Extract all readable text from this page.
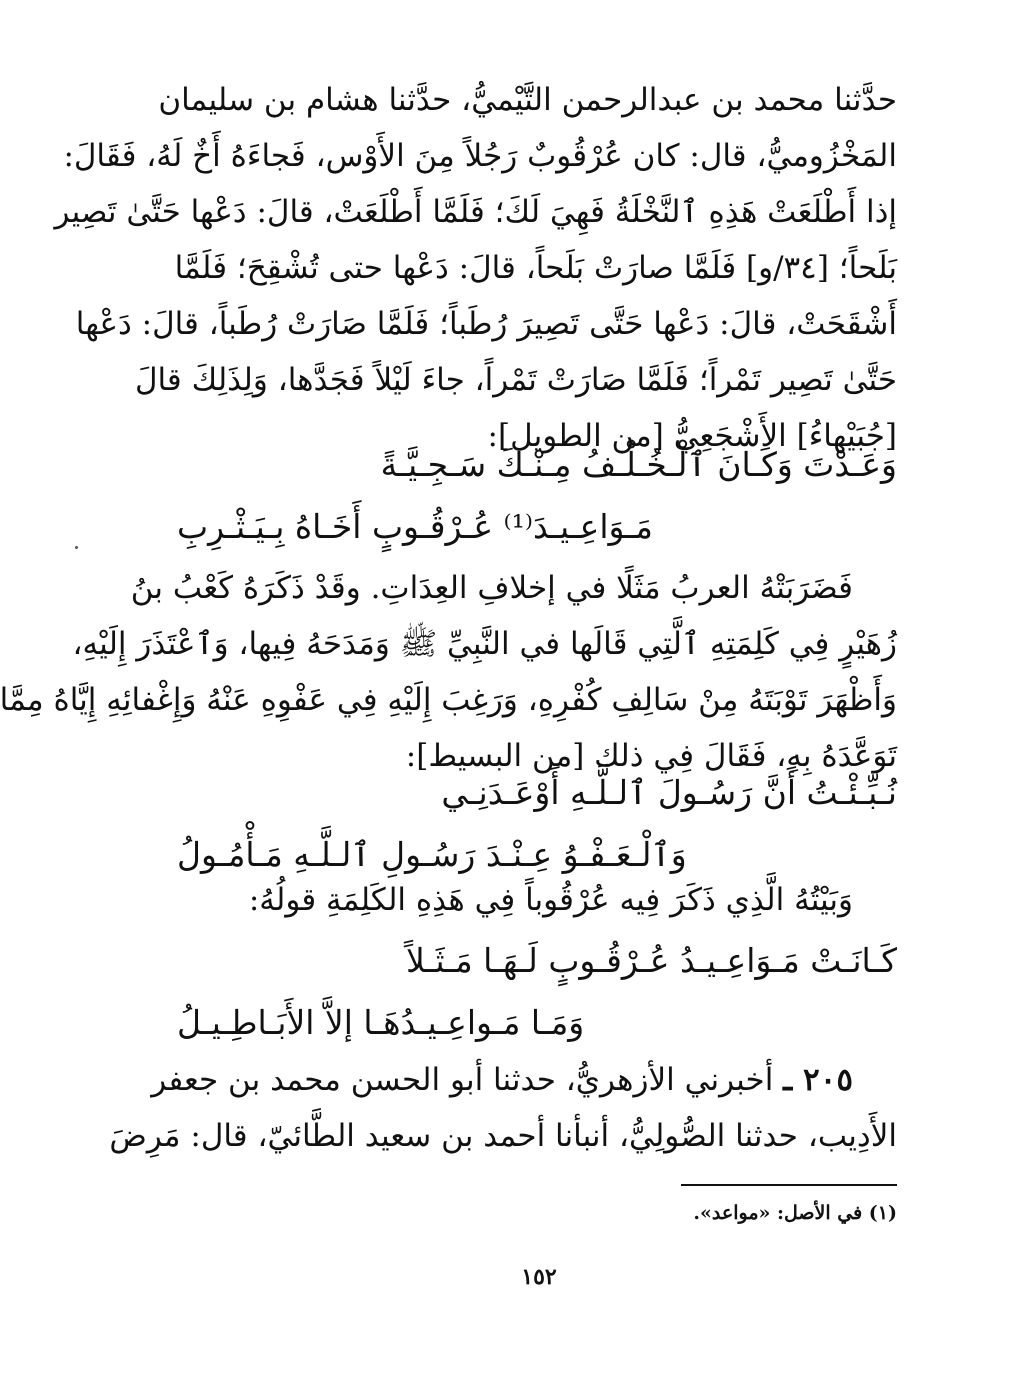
حدَّثنا محمد بن عبدالرحمن التَّيْميُّ، حدَّثنا هشام بن سليمان
المَخْزُوميُّ، قال: كان عُرْقُوبٌ رَجُلاً مِنَ الأَوْس، فَجاءَهُ أَخٌ لَهُ، فَقَالَ:
إذا أَطْلَعَتْ هَذِهِ ٱلنَّخْلَةُ فَهِيَ لَكَ؛ فَلَمَّا أَطْلَعَتْ، قالَ: دَعْها حَتَّىٰ تَصِير
بَلَحاً؛ [٣٤/و] فَلَمَّا صارَتْ بَلَحاً، قالَ: دَعْها حتى تُشْقِحَ؛ فَلَمَّا
أَشْقَحَتْ، قالَ: دَعْها حَتَّى تَصِيرَ رُطَباً؛ فَلَمَّا صَارَتْ رُطَباً، قالَ: دَعْها
حَتَّىٰ تَصِير تَمْراً؛ فَلَمَّا صَارَتْ تَمْراً، جاءَ لَيْلاً فَجَدَّها، وَلِذَلِكَ قالَ
[جُبَيْهاءُ] الأَشْجَعِيُّ [من الطويل]:
وَعَـدْتَ وَكَـانَ ٱلْـخُـلْـفُ مِـنْـكَ سَـجِـيَّـةً
مَـوَاعِـيـدَ⁽¹⁾ عُـرْقُـوبٍ أَخَـاهُ بِـيَـثْـرِبِ
فَضَرَبَتْهُ العربُ مَثَلًا في إخلافِ العِدَاتِ. وقَدْ ذَكَرَهُ كَعْبُ بنُ
زُهَيْرٍ فِي كَلِمَتِهِ ٱلَّتِي قَالَها في النَّبِيِّ ﷺ وَمَدَحَهُ فِيها، وَٱعْتَذَرَ إِلَيْهِ،
وَأَظْهَرَ تَوْبَتَهُ مِنْ سَالِفِ كُفْرِهِ، وَرَغِبَ إِلَيْهِ فِي عَفْوِهِ عَنْهُ وَإِغْفائِهِ إِيَّاهُ مِمَّا
تَوَعَّدَهُ بِهِ، فَقَالَ فِي ذلك [من البسيط]:
نُـبِّـئْـتُ أَنَّ رَسُـولَ ٱلـلَّـهِ أَوْعَـدَنِـي
وَٱلْـعَـفْـوُ عِـنْـدَ رَسُـولِ ٱلـلَّـهِ مَـأْمُـولُ
وَبَيْتُهُ الَّذِي ذَكَرَ فِيه عُرْقُوباً فِي هَذِهِ الكَلِمَةِ قولُهُ:
كَـانَـتْ مَـوَاعِـيـدُ عُـرْقُـوبٍ لَـهَـا مَـثَـلاً
وَمَـا مَـواعِـيـدُهَـا إلاَّ الأَبَـاطِـيـلُ
٢٠٥ ـ أخبرني الأزهريُّ، حدثنا أبو الحسن محمد بن جعفر
الأَدِيب، حدثنا الصُّولِيُّ، أنبأنا أحمد بن سعيد الطَّائيّ، قال: مَرِضَ
(١) في الأصل: «مواعد».
١٥٢
